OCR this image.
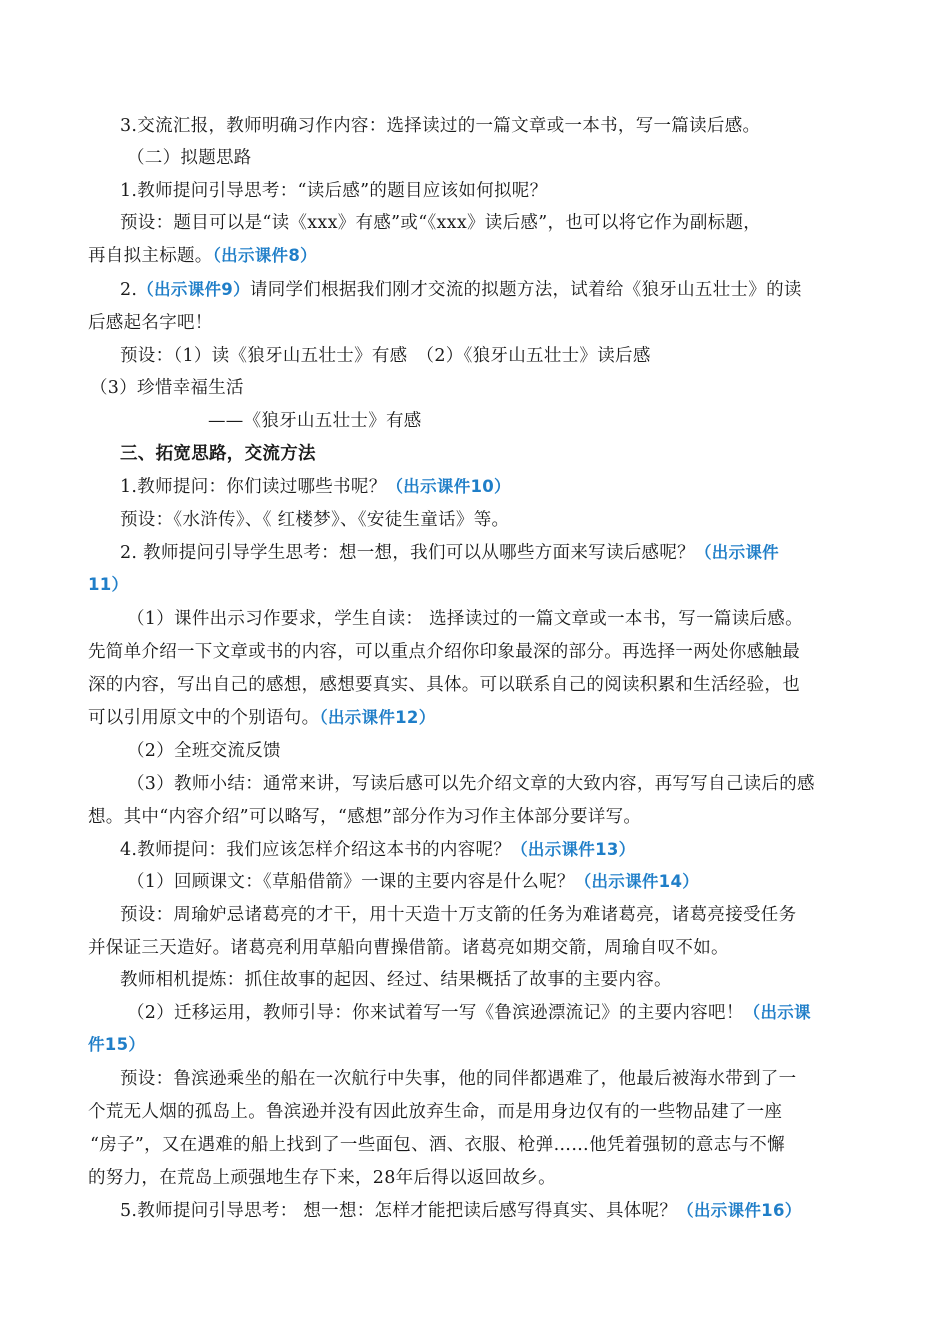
3.交流汇报，教师明确习作内容：选择读过的一篇文章或一本书，写一篇读后感。
（二）拟题思路
1.教师提问引导思考：“读后感”的题目应该如何拟呢？
预设：题目可以是“读《xxx》有感”或“《xxx》读后感”，也可以将它作为副标题，
再自拟主标题。（出示课件8）
2.（出示课件9）请同学们根据我们刚才交流的拟题方法，试着给《狼牙山五壮士》的读
后感起名字吧！
预设：（1）读《狼牙山五壮士》有感　（2）《狼牙山五壮士》读后感
（3）珍惜幸福生活
——《狼牙山五壮士》有感
三、拓宽思路，交流方法
1.教师提问：你们读过哪些书呢？（出示课件10）
预设：《水浒传》、《 红楼梦》、《安徒生童话》等。
2. 教师提问引导学生思考：想一想，我们可以从哪些方面来写读后感呢？（出示课件
11）
（1）课件出示习作要求，学生自读： 选择读过的一篇文章或一本书，写一篇读后感。
先简单介绍一下文章或书的内容，可以重点介绍你印象最深的部分。再选择一两处你感触最
深的内容，写出自己的感想，感想要真实、具体。可以联系自己的阅读积累和生活经验，也
可以引用原文中的个别语句。（出示课件12）
（2）全班交流反馈
（3）教师小结：通常来讲，写读后感可以先介绍文章的大致内容，再写写自己读后的感
想。其中“内容介绍”可以略写，“感想”部分作为习作主体部分要详写。
4.教师提问：我们应该怎样介绍这本书的内容呢？（出示课件13）
（1）回顾课文：《草船借箭》一课的主要内容是什么呢？（出示课件14）
预设：周瑜妒忌诸葛亮的才干，用十天造十万支箭的任务为难诸葛亮，诸葛亮接受任务
并保证三天造好。诸葛亮利用草船向曹操借箭。诸葛亮如期交箭，周瑜自叹不如。
教师相机提炼：抓住故事的起因、经过、结果概括了故事的主要内容。
（2）迁移运用，教师引导：你来试着写一写《鲁滨逊漂流记》的主要内容吧！（出示课
件15）
预设：鲁滨逊乘坐的船在一次航行中失事，他的同伴都遇难了，他最后被海水带到了一
个荒无人烟的孤岛上。鲁滨逊并没有因此放弃生命，而是用身边仅有的一些物品建了一座
“房子”，又在遇难的船上找到了一些面包、酒、衣服、枪弹……他凭着强韧的意志与不懈
的努力，在荒岛上顽强地生存下来，28年后得以返回故乡。
5.教师提问引导思考： 想一想：怎样才能把读后感写得真实、具体呢？（出示课件16）
